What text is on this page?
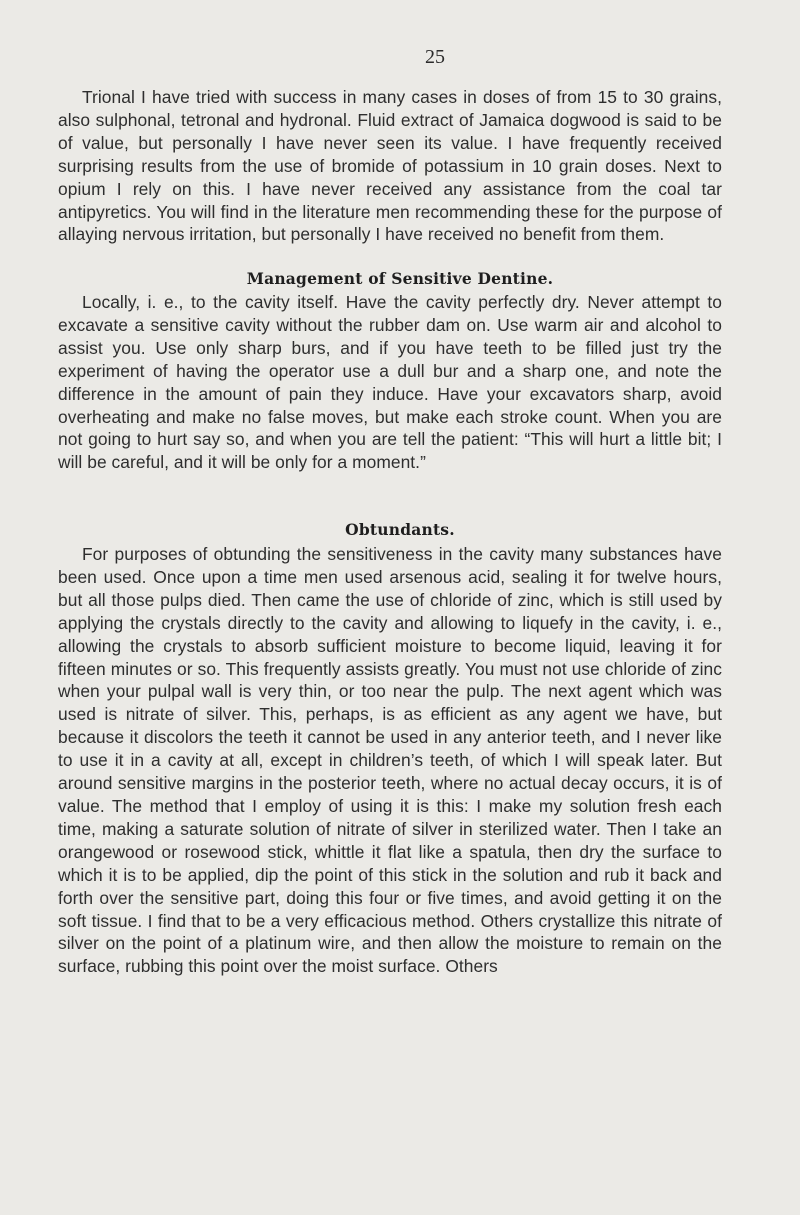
25

Trional I have tried with success in many cases in doses of from 15 to 30 grains, also sulphonal, tetronal and hydronal. Fluid extract of Jamaica dogwood is said to be of value, but personally I have never seen its value. I have frequently received surprising results from the use of bromide of potassium in 10 grain doses. Next to opium I rely on this. I have never received any assistance from the coal tar antipyretics. You will find in the literature men recommending these for the purpose of allaying nervous irritation, but personally I have received no benefit from them.

Management of Sensitive Dentine.

Locally, i. e., to the cavity itself. Have the cavity perfectly dry. Never attempt to excavate a sensitive cavity without the rubber dam on. Use warm air and alcohol to assist you. Use only sharp burs, and if you have teeth to be filled just try the experiment of having the operator use a dull bur and a sharp one, and note the difference in the amount of pain they induce. Have your excavators sharp, avoid overheating and make no false moves, but make each stroke count. When you are not going to hurt say so, and when you are tell the patient: “This will hurt a little bit; I will be careful, and it will be only for a moment.”

Obtundants.

For purposes of obtunding the sensitiveness in the cavity many substances have been used. Once upon a time men used arsenous acid, sealing it for twelve hours, but all those pulps died. Then came the use of chloride of zinc, which is still used by applying the crystals directly to the cavity and allowing to liquefy in the cavity, i. e., allowing the crystals to absorb sufficient moisture to become liquid, leaving it for fifteen minutes or so. This frequently assists greatly. You must not use chloride of zinc when your pulpal wall is very thin, or too near the pulp. The next agent which was used is nitrate of silver. This, perhaps, is as efficient as any agent we have, but because it discolors the teeth it cannot be used in any anterior teeth, and I never like to use it in a cavity at all, except in children’s teeth, of which I will speak later. But around sensitive margins in the posterior teeth, where no actual decay occurs, it is of value. The method that I employ of using it is this: I make my solution fresh each time, making a saturate solution of nitrate of silver in sterilized water. Then I take an orangewood or rosewood stick, whittle it flat like a spatula, then dry the surface to which it is to be applied, dip the point of this stick in the solution and rub it back and forth over the sensitive part, doing this four or five times, and avoid getting it on the soft tissue. I find that to be a very efficacious method. Others crystallize this nitrate of silver on the point of a platinum wire, and then allow the moisture to remain on the surface, rubbing this point over the moist surface. Others
